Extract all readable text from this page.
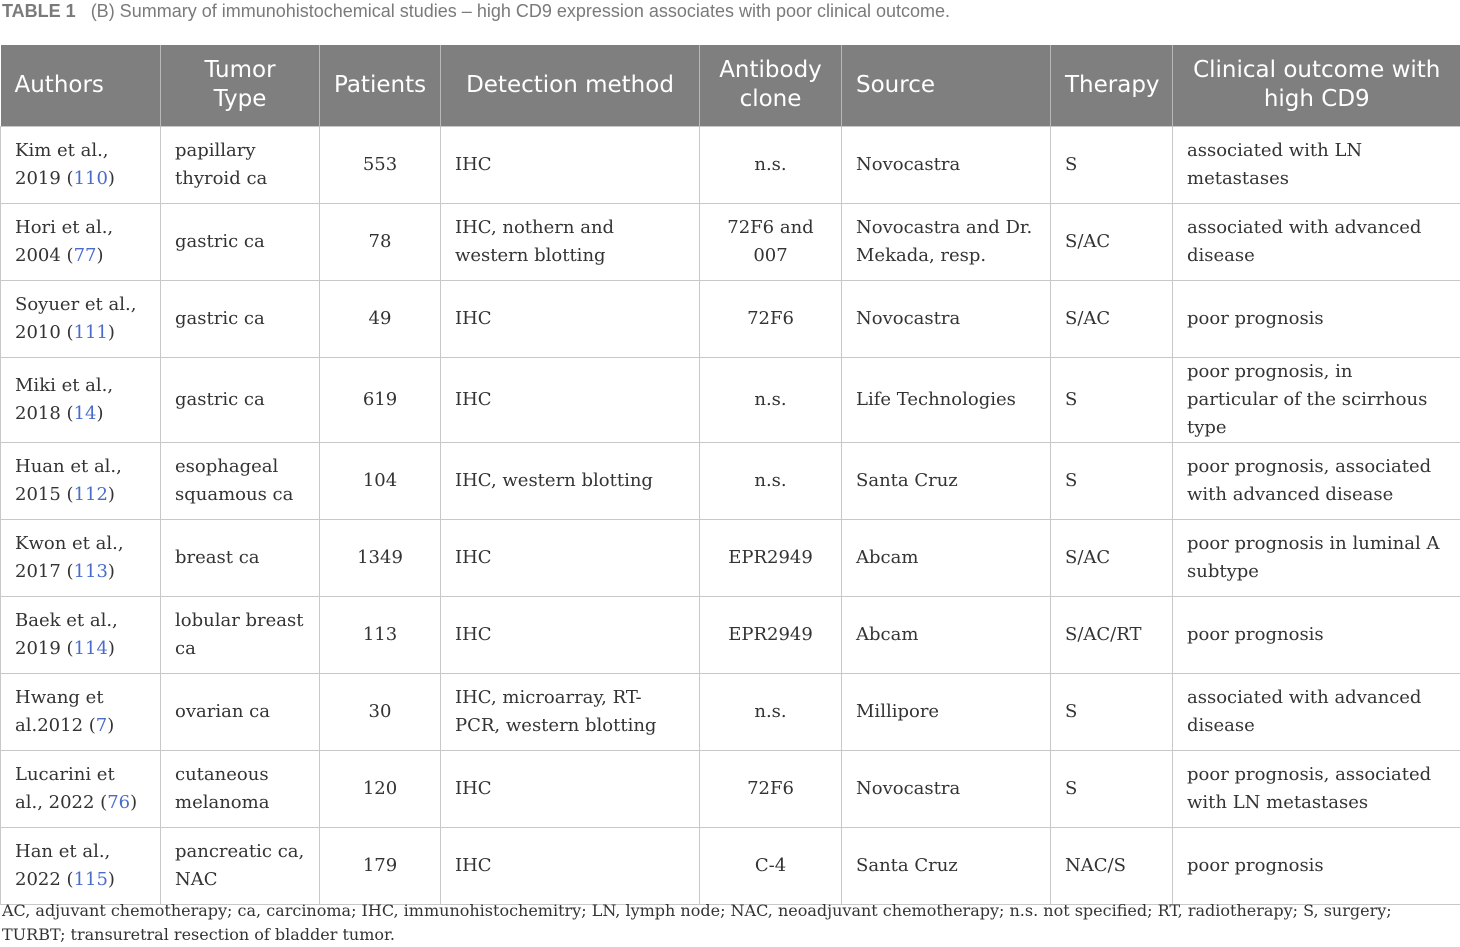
TABLE 1 (B) Summary of immunohistochemical studies – high CD9 expression associates with poor clinical outcome.
Authors	Tumor Type	Patients	Detection method	Antibody clone	Source	Therapy	Clinical outcome with high CD9
Kim et al., 2019 (110)	papillary thyroid ca	553	IHC	n.s.	Novocastra	S	associated with LN metastases
Hori et al., 2004 (77)	gastric ca	78	IHC, nothern and western blotting	72F6 and 007	Novocastra and Dr. Mekada, resp.	S/AC	associated with advanced disease
Soyuer et al., 2010 (111)	gastric ca	49	IHC	72F6	Novocastra	S/AC	poor prognosis
Miki et al., 2018 (14)	gastric ca	619	IHC	n.s.	Life Technologies	S	poor prognosis, in particular of the scirrhous type
Huan et al., 2015 (112)	esophageal squamous ca	104	IHC, western blotting	n.s.	Santa Cruz	S	poor prognosis, associated with advanced disease
Kwon et al., 2017 (113)	breast ca	1349	IHC	EPR2949	Abcam	S/AC	poor prognosis in luminal A subtype
Baek et al., 2019 (114)	lobular breast ca	113	IHC	EPR2949	Abcam	S/AC/RT	poor prognosis
Hwang et al.2012 (7)	ovarian ca	30	IHC, microarray, RT-PCR, western blotting	n.s.	Millipore	S	associated with advanced disease
Lucarini et al., 2022 (76)	cutaneous melanoma	120	IHC	72F6	Novocastra	S	poor prognosis, associated with LN metastases
Han et al., 2022 (115)	pancreatic ca, NAC	179	IHC	C-4	Santa Cruz	NAC/S	poor prognosis
AC, adjuvant chemotherapy; ca, carcinoma; IHC, immunohistochemitry; LN, lymph node; NAC, neoadjuvant chemotherapy; n.s. not specified; RT, radiotherapy; S, surgery; TURBT; transuretral resection of bladder tumor.
